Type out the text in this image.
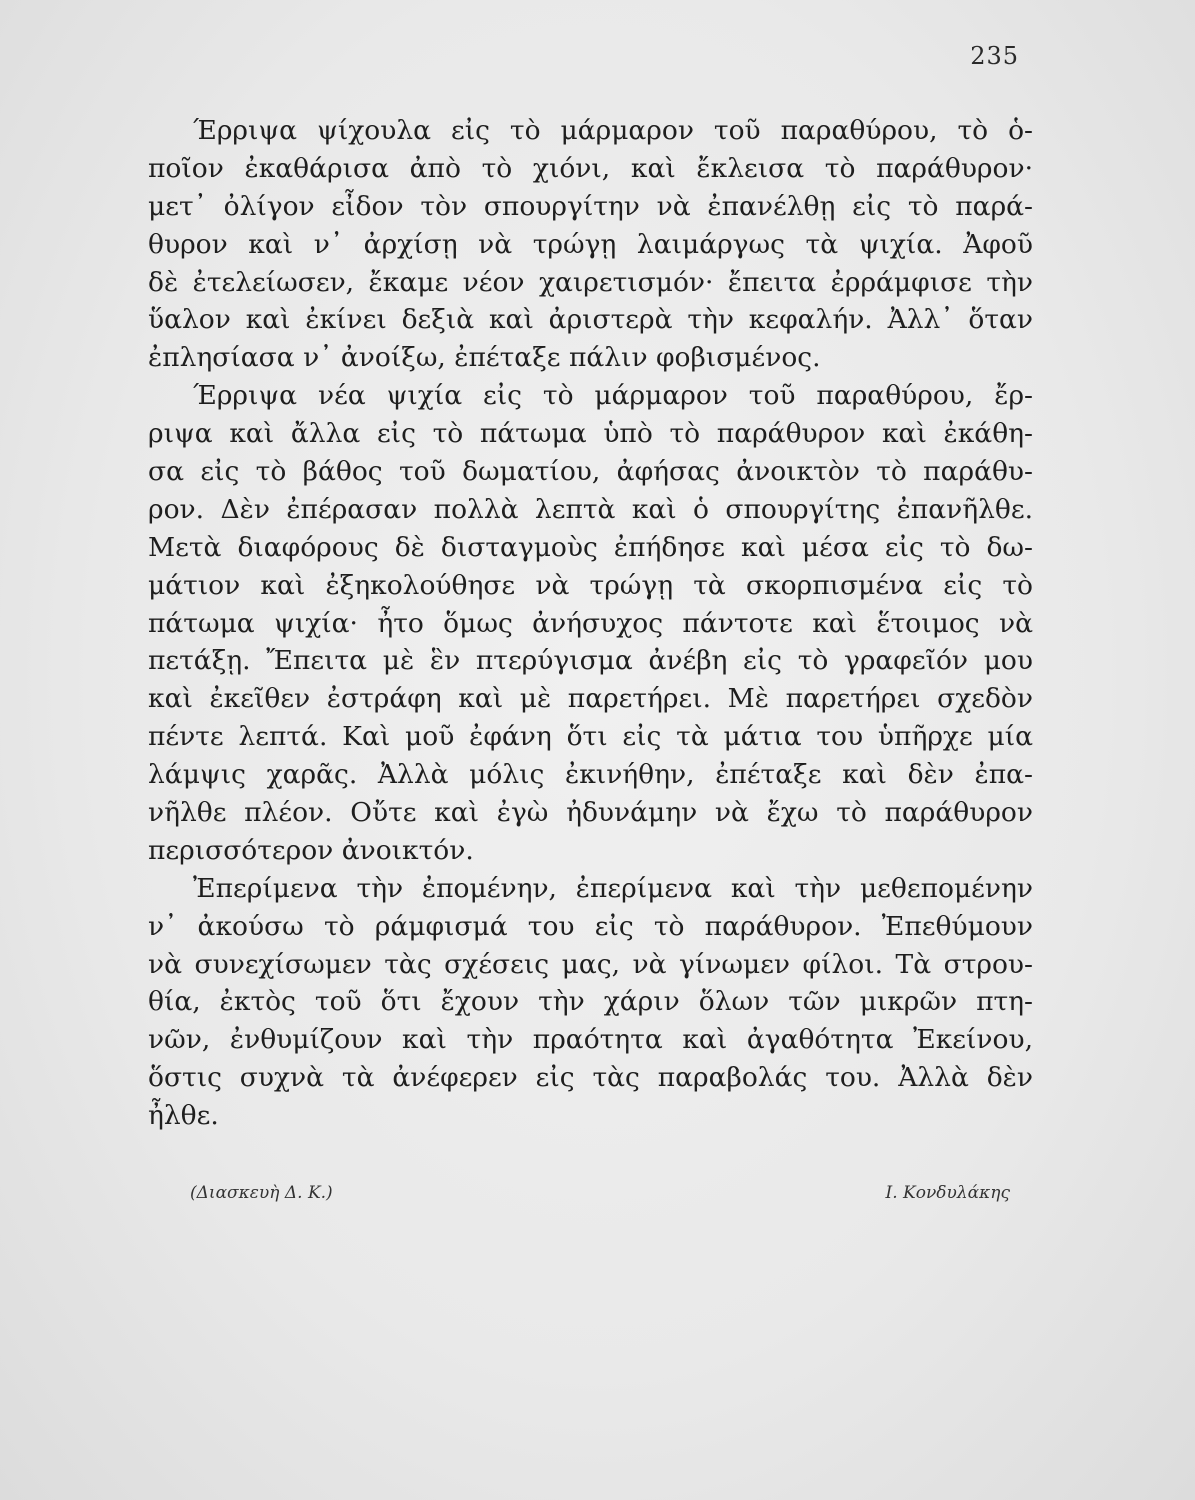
235
Έρριψα ψίχουλα εἰς τὸ μάρμαρον τοῦ παραθύρου, τὸ ὁ-
ποῖον ἐκαθάρισα ἀπὸ τὸ χιόνι, καὶ ἔκλεισα τὸ παράθυρον·
μετ᾽ ὀλίγον εἶδον τὸν σπουργίτην νὰ ἐπανέλθῃ εἰς τὸ παρά-
θυρον καὶ ν᾽ ἀρχίσῃ νὰ τρώγῃ λαιμάργως τὰ ψιχία. Ἀφοῦ
δὲ ἐτελείωσεν, ἔκαμε νέον χαιρετισμόν· ἔπειτα ἐρράμφισε τὴν
ὕαλον καὶ ἐκίνει δεξιὰ καὶ ἀριστερὰ τὴν κεφαλήν. Ἀλλ᾽ ὅταν
ἐπλησίασα ν᾽ ἀνοίξω, ἐπέταξε πάλιν φοβισμένος.
Έρριψα νέα ψιχία εἰς τὸ μάρμαρον τοῦ παραθύρου, ἔρ-
ριψα καὶ ἄλλα εἰς τὸ πάτωμα ὑπὸ τὸ παράθυρον καὶ ἐκάθη-
σα εἰς τὸ βάθος τοῦ δωματίου, ἀφήσας ἀνοικτὸν τὸ παράθυ-
ρον. Δὲν ἐπέρασαν πολλὰ λεπτὰ καὶ ὁ σπουργίτης ἐπανῆλθε.
Μετὰ διαφόρους δὲ δισταγμοὺς ἐπήδησε καὶ μέσα εἰς τὸ δω-
μάτιον καὶ ἐξηκολούθησε νὰ τρώγῃ τὰ σκορπισμένα εἰς τὸ
πάτωμα ψιχία· ἦτο ὅμως ἀνήσυχος πάντοτε καὶ ἕτοιμος νὰ
πετάξῃ. Ἔπειτα μὲ ἓν πτερύγισμα ἀνέβη εἰς τὸ γραφεῖόν μου
καὶ ἐκεῖθεν ἐστράφη καὶ μὲ παρετήρει. Μὲ παρετήρει σχεδὸν
πέντε λεπτά. Καὶ μοῦ ἐφάνη ὅτι εἰς τὰ μάτια του ὑπῆρχε μία
λάμψις χαρᾶς. Ἀλλὰ μόλις ἐκινήθην, ἐπέταξε καὶ δὲν ἐπα-
νῆλθε πλέον. Οὔτε καὶ ἐγὼ ἠδυνάμην νὰ ἔχω τὸ παράθυρον
περισσότερον ἀνοικτόν.
Ἐπερίμενα τὴν ἐπομένην, ἐπερίμενα καὶ τὴν μεθεπομένην
ν᾽ ἀκούσω τὸ ράμφισμά του εἰς τὸ παράθυρον. Ἐπεθύμουν
νὰ συνεχίσωμεν τὰς σχέσεις μας, νὰ γίνωμεν φίλοι. Τὰ στρου-
θία, ἐκτὸς τοῦ ὅτι ἔχουν τὴν χάριν ὅλων τῶν μικρῶν πτη-
νῶν, ἐνθυμίζουν καὶ τὴν πραότητα καὶ ἀγαθότητα Ἐκείνου,
ὅστις συχνὰ τὰ ἀνέφερεν εἰς τὰς παραβολάς του. Ἀλλὰ δὲν
ἦλθε.
(Διασκευὴ Δ. Κ.)	Ι. Κονδυλάκης
